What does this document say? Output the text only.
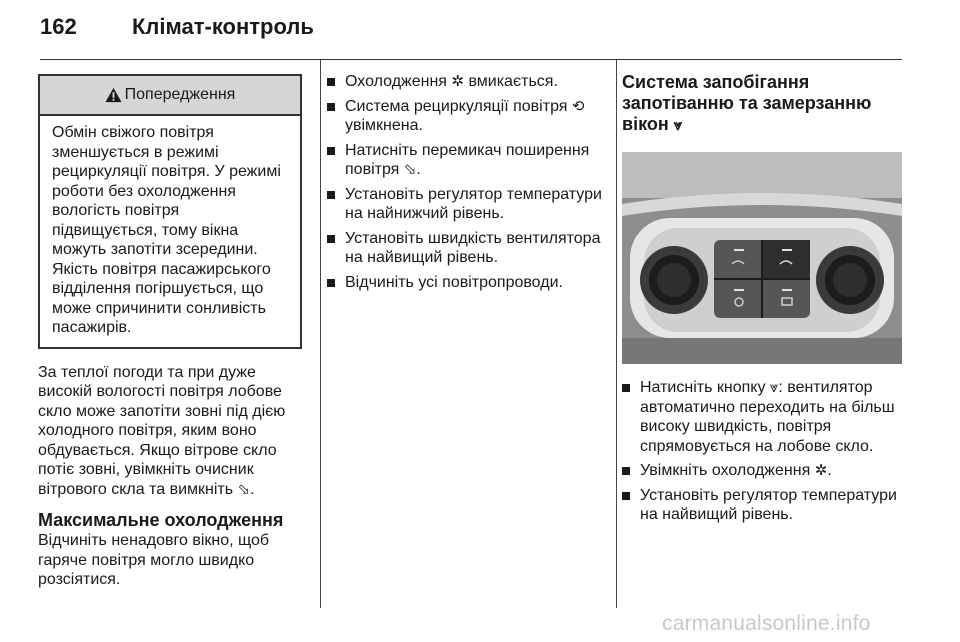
162	Клімат-контроль
Попередження
Обмін свіжого повітря зменшується в режимі рециркуляції повітря. У режимі роботи без охолодження вологість повітря підвищується, тому вікна можуть запотіти зсередини. Якість повітря пасажирського відділення погіршується, що може спричинити сонливість пасажирів.

За теплої погоди та при дуже високій вологості повітря лобове скло може запотіти зовні під дією холодного повітря, яким воно обдувається. Якщо вітрове скло потіє зовні, увімкніть очисник вітрового скла та вимкніть ⬂.

Максимальне охолодження

Відчиніть ненадовго вікно, щоб гаряче повітря могло швидко розсіятися.

Охолодження ✲ вмикається.
Система рециркуляції повітря ⟲ увімкнена.
Натисніть перемикач поширення повітря ⬂.
Установіть регулятор температури на найнижчий рівень.
Установіть швидкість вентилятора на найвищий рівень.
Відчиніть усі повітропроводи.
Система запобігання запотіванню та замерзанню вікон ⩔
Натисніть кнопку ⩔: вентилятор автоматично переходить на більш високу швидкість, повітря спрямовується на лобове скло.
Увімкніть охолодження ✲.
Установіть регулятор температури на найвищий рівень.
carmanualsonline.info
